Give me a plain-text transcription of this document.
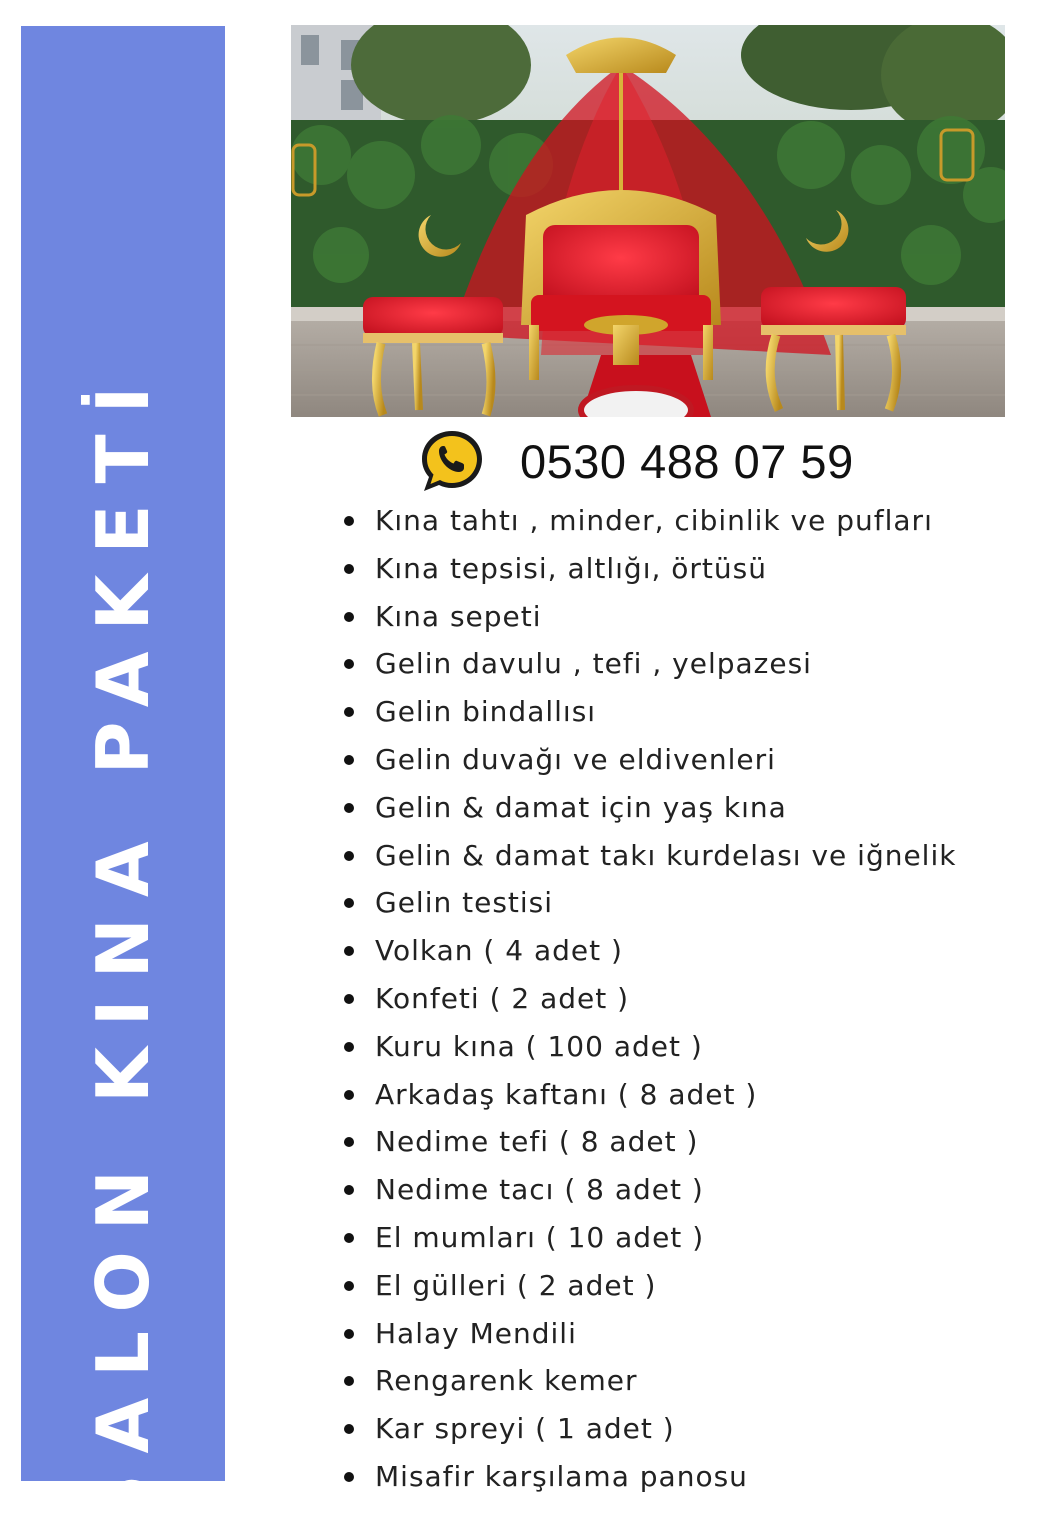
SALON KINA PAKETİ	0530 488 07 59
Kına tahtı , minder, cibinlik ve pufları
Kına tepsisi, altlığı, örtüsü
Kına sepeti
Gelin davulu , tefi , yelpazesi
Gelin bindallısı
Gelin duvağı ve eldivenleri
Gelin & damat için yaş kına
Gelin & damat takı kurdelası ve iğnelik
Gelin testisi
Volkan ( 4 adet )
Konfeti ( 2 adet )
Kuru kına ( 100 adet )
Arkadaş kaftanı ( 8 adet )
Nedime tefi ( 8 adet )
Nedime tacı ( 8 adet )
El mumları ( 10 adet )
El gülleri ( 2 adet )
Halay Mendili
Rengarenk kemer
Kar spreyi ( 1 adet )
Misafir karşılama panosu
